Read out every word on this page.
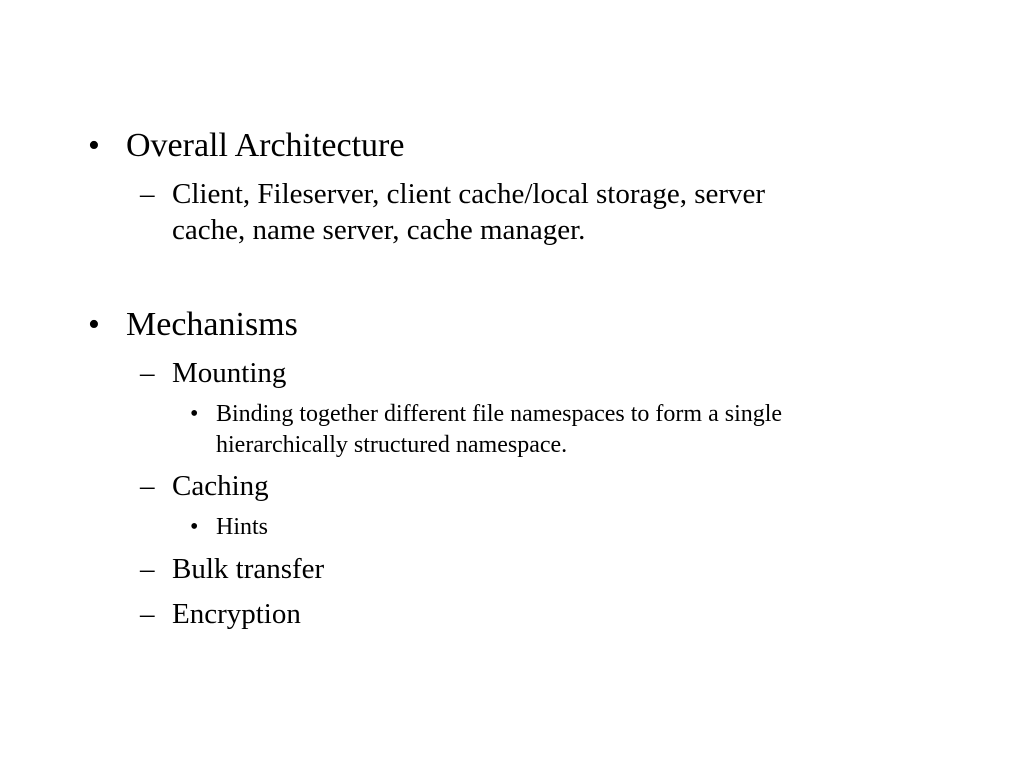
• Overall Architecture
– Client, Fileserver, client cache/local storage, server
cache, name server, cache manager.
• Mechanisms
– Mounting
• Binding together different file namespaces to form a single
hierarchically structured namespace.
– Caching
• Hints
– Bulk transfer
– Encryption
